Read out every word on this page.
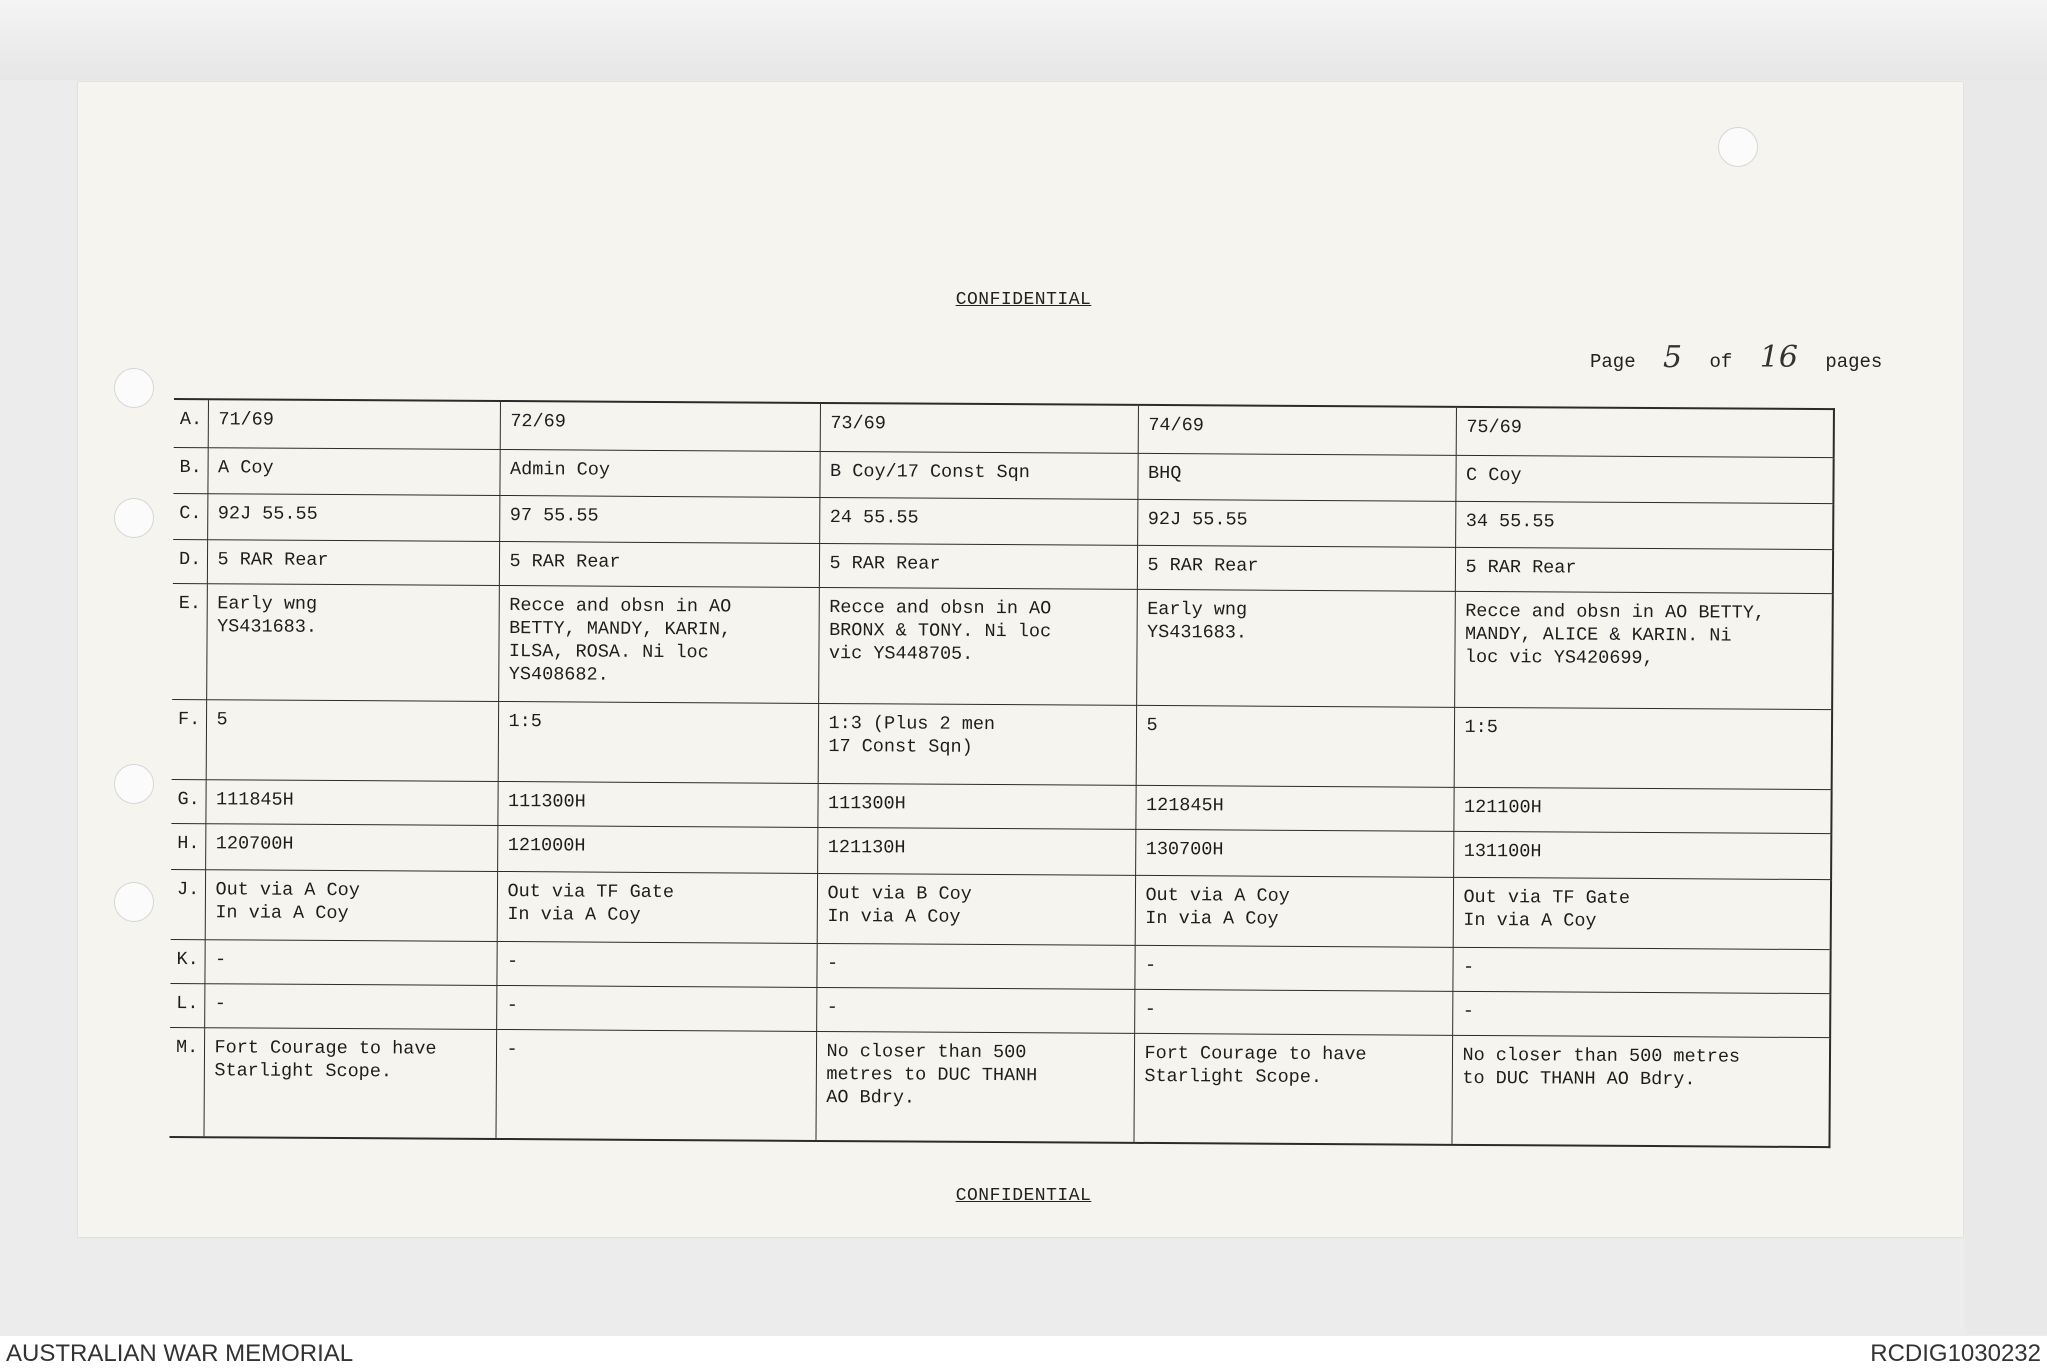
CONFIDENTIAL
Page 5 of 16 pages
A.	71/69	72/69	73/69	74/69	75/69
B.	A Coy	Admin Coy	B Coy/17 Const Sqn	BHQ	C Coy
C.	92J 55.55	97 55.55	24 55.55	92J 55.55	34 55.55
D.	5 RAR Rear	5 RAR Rear	5 RAR Rear	5 RAR Rear	5 RAR Rear
E.	Early wng
YS431683.	Recce and obsn in AO
BETTY, MANDY, KARIN,
ILSA, ROSA. Ni loc
YS408682.	Recce and obsn in AO
BRONX & TONY. Ni loc
vic YS448705.	Early wng
YS431683.	Recce and obsn in AO BETTY,
MANDY, ALICE & KARIN. Ni
loc vic YS420699,
F.	5	1:5	1:3 (Plus 2 men
17 Const Sqn)	5	1:5
G.	111845H	111300H	111300H	121845H	121100H
H.	120700H	121000H	121130H	130700H	131100H
J.	Out via A Coy
In via A Coy	Out via TF Gate
In via A Coy	Out via B Coy
In via A Coy	Out via A Coy
In via A Coy	Out via TF Gate
In via A Coy
K.	-	-	-	-	-
L.	-	-	-	-	-
M.	Fort Courage to have
Starlight Scope.	-	No closer than 500
metres to DUC THANH
AO Bdry.	Fort Courage to have
Starlight Scope.	No closer than 500 metres
to DUC THANH AO Bdry.
CONFIDENTIAL
AUSTRALIAN WAR MEMORIAL	RCDIG1030232
